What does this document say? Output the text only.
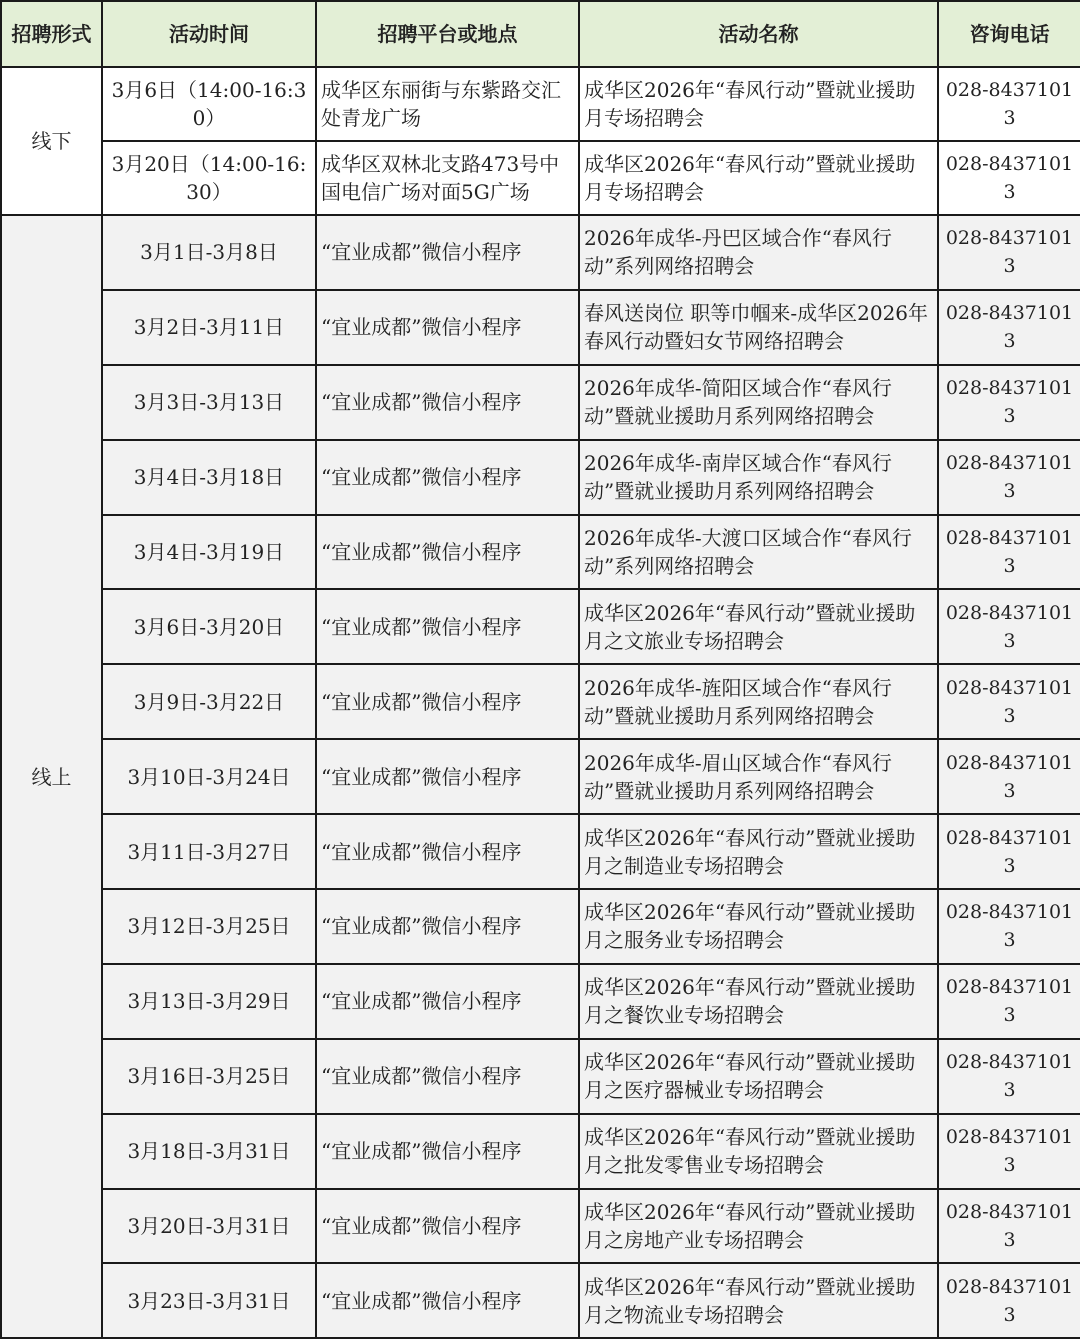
招聘形式	活动时间	招聘平台或地点	活动名称	咨询电话
线下	3月6日（14:00-16:30）	成华区东丽街与东紫路交汇处青龙广场	成华区2026年“春风行动”暨就业援助月专场招聘会	028-84371013
	3月20日（14:00-16:30）	成华区双林北支路473号中国电信广场对面5G广场	成华区2026年“春风行动”暨就业援助月专场招聘会	028-84371013
线上	3月1日-3月8日	“宜业成都”微信小程序	2026年成华-丹巴区域合作“春风行动”系列网络招聘会	028-84371013
	3月2日-3月11日	“宜业成都”微信小程序	春风送岗位 职等巾帼来-成华区2026年春风行动暨妇女节网络招聘会	028-84371013
	3月3日-3月13日	“宜业成都”微信小程序	2026年成华-简阳区域合作“春风行动”暨就业援助月系列网络招聘会	028-84371013
	3月4日-3月18日	“宜业成都”微信小程序	2026年成华-南岸区域合作“春风行动”暨就业援助月系列网络招聘会	028-84371013
	3月4日-3月19日	“宜业成都”微信小程序	2026年成华-大渡口区域合作“春风行动”系列网络招聘会	028-84371013
	3月6日-3月20日	“宜业成都”微信小程序	成华区2026年“春风行动”暨就业援助月之文旅业专场招聘会	028-84371013
	3月9日-3月22日	“宜业成都”微信小程序	2026年成华-旌阳区域合作“春风行动”暨就业援助月系列网络招聘会	028-84371013
	3月10日-3月24日	“宜业成都”微信小程序	2026年成华-眉山区域合作“春风行动”暨就业援助月系列网络招聘会	028-84371013
	3月11日-3月27日	“宜业成都”微信小程序	成华区2026年“春风行动”暨就业援助月之制造业专场招聘会	028-84371013
	3月12日-3月25日	“宜业成都”微信小程序	成华区2026年“春风行动”暨就业援助月之服务业专场招聘会	028-84371013
	3月13日-3月29日	“宜业成都”微信小程序	成华区2026年“春风行动”暨就业援助月之餐饮业专场招聘会	028-84371013
	3月16日-3月25日	“宜业成都”微信小程序	成华区2026年“春风行动”暨就业援助月之医疗器械业专场招聘会	028-84371013
	3月18日-3月31日	“宜业成都”微信小程序	成华区2026年“春风行动”暨就业援助月之批发零售业专场招聘会	028-84371013
	3月20日-3月31日	“宜业成都”微信小程序	成华区2026年“春风行动”暨就业援助月之房地产业专场招聘会	028-84371013
	3月23日-3月31日	“宜业成都”微信小程序	成华区2026年“春风行动”暨就业援助月之物流业专场招聘会	028-84371013
